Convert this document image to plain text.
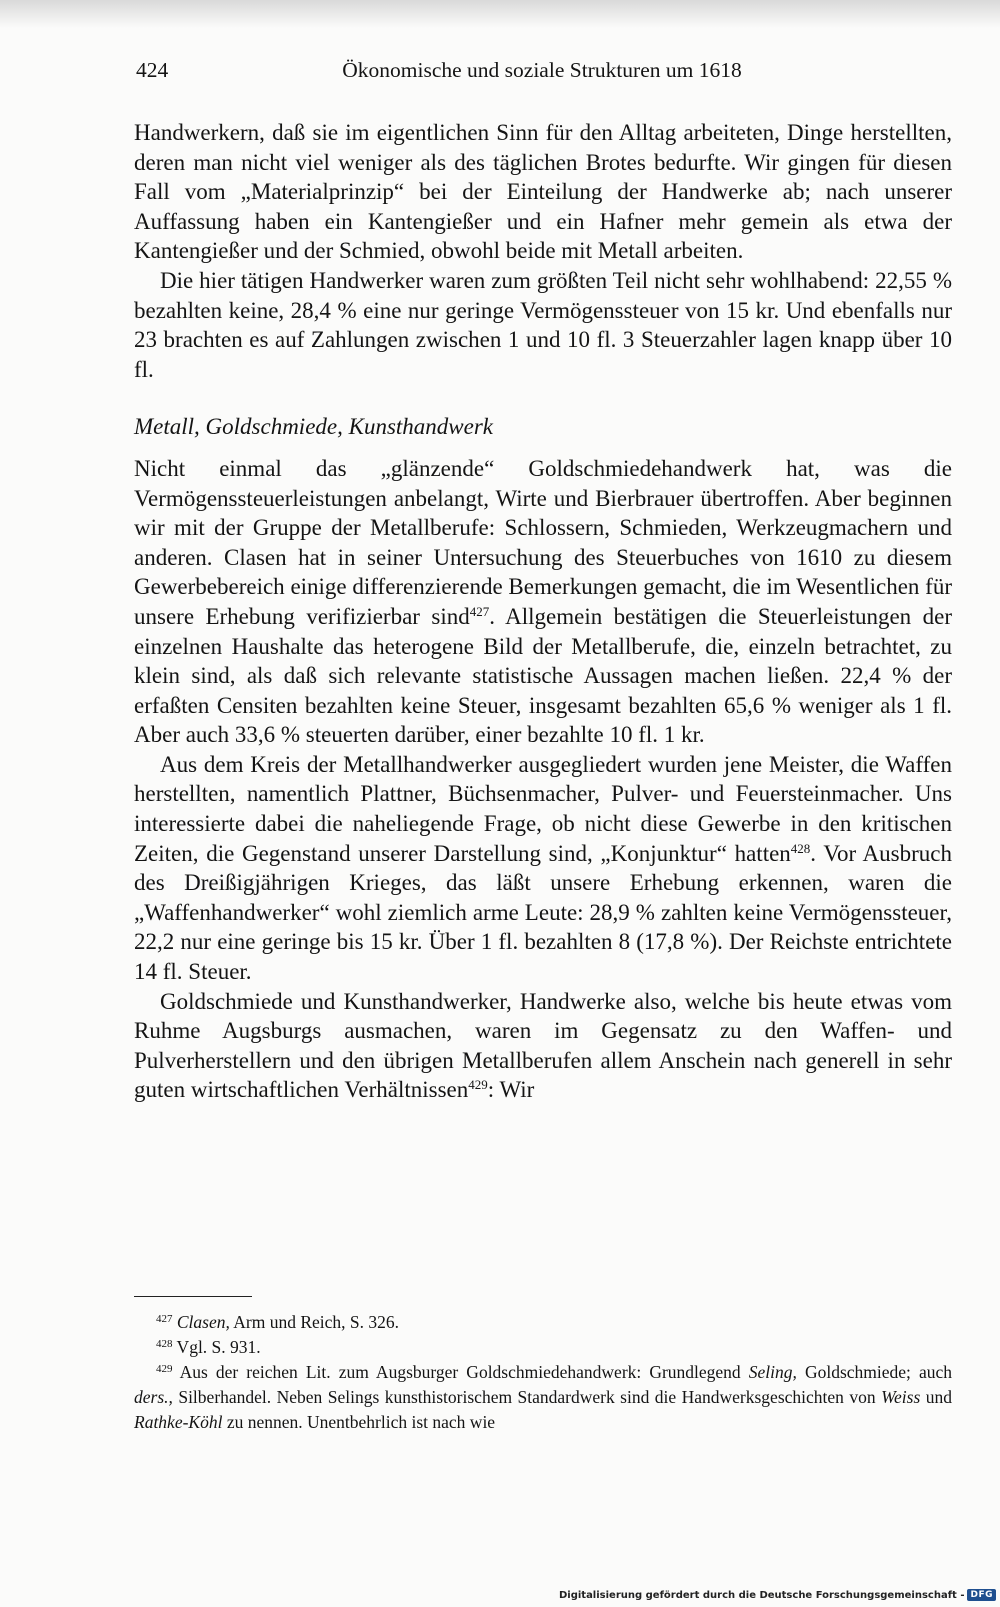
424	Ökonomische und soziale Strukturen um 1618

Handwerkern, daß sie im eigentlichen Sinn für den Alltag arbeiteten, Dinge herstellten, deren man nicht viel weniger als des täglichen Brotes bedurfte. Wir gingen für diesen Fall vom „Materialprinzip“ bei der Einteilung der Handwerke ab; nach unserer Auffassung haben ein Kantengießer und ein Hafner mehr gemein als etwa der Kantengießer und der Schmied, obwohl beide mit Metall arbeiten.

Die hier tätigen Handwerker waren zum größten Teil nicht sehr wohlhabend: 22,55 % bezahlten keine, 28,4 % eine nur geringe Vermögenssteuer von 15 kr. Und ebenfalls nur 23 brachten es auf Zahlungen zwischen 1 und 10 fl. 3 Steuerzahler lagen knapp über 10 fl.

Metall, Goldschmiede, Kunsthandwerk

Nicht einmal das „glänzende“ Goldschmiedehandwerk hat, was die Vermögenssteuerleistungen anbelangt, Wirte und Bierbrauer übertroffen. Aber beginnen wir mit der Gruppe der Metallberufe: Schlossern, Schmieden, Werkzeugmachern und anderen. Clasen hat in seiner Untersuchung des Steuerbuches von 1610 zu diesem Gewerbebereich einige differenzierende Bemerkungen gemacht, die im Wesentlichen für unsere Erhebung verifizierbar sind$^{427}$. Allgemein bestätigen die Steuerleistungen der einzelnen Haushalte das heterogene Bild der Metallberufe, die, einzeln betrachtet, zu klein sind, als daß sich relevante statistische Aussagen machen ließen. 22,4 % der erfaßten Censiten bezahlten keine Steuer, insgesamt bezahlten 65,6 % weniger als 1 fl. Aber auch 33,6 % steuerten darüber, einer bezahlte 10 fl. 1 kr.

Aus dem Kreis der Metallhandwerker ausgegliedert wurden jene Meister, die Waffen herstellten, namentlich Plattner, Büchsenmacher, Pulver- und Feuersteinmacher. Uns interessierte dabei die naheliegende Frage, ob nicht diese Gewerbe in den kritischen Zeiten, die Gegenstand unserer Darstellung sind, „Konjunktur“ hatten$^{428}$. Vor Ausbruch des Dreißigjährigen Krieges, das läßt unsere Erhebung erkennen, waren die „Waffenhandwerker“ wohl ziemlich arme Leute: 28,9 % zahlten keine Vermögenssteuer, 22,2 nur eine geringe bis 15 kr. Über 1 fl. bezahlten 8 (17,8 %). Der Reichste entrichtete 14 fl. Steuer.

Goldschmiede und Kunsthandwerker, Handwerke also, welche bis heute etwas vom Ruhme Augsburgs ausmachen, waren im Gegensatz zu den Waffen- und Pulverherstellern und den übrigen Metallberufen allem Anschein nach generell in sehr guten wirtschaftlichen Verhältnissen$^{429}$: Wir

$^{427}$ Clasen, Arm und Reich, S. 326.

$^{428}$ Vgl. S. 931.

$^{429}$ Aus der reichen Lit. zum Augsburger Goldschmiedehandwerk: Grundlegend Seling, Goldschmiede; auch ders., Silberhandel. Neben Selings kunsthistorischem Standardwerk sind die Handwerksgeschichten von Weiss und Rathke-Köhl zu nennen. Unentbehrlich ist nach wie

Digitalisierung gefördert durch die Deutsche Forschungsgemeinschaft - DFG
